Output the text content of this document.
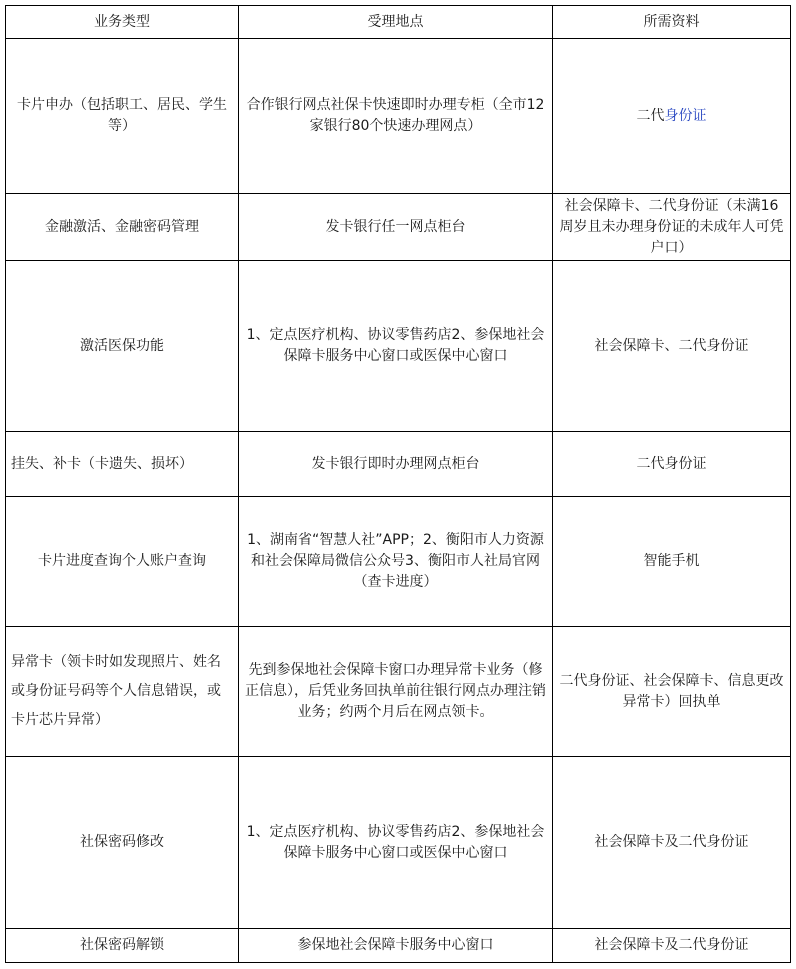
业务类型	受理地点	所需资料
卡片申办（包括职工、居民、学生等）	合作银行网点社保卡快速即时办理专柜（全市12家银行80个快速办理网点）	二代身份证
金融激活、金融密码管理	发卡银行任一网点柜台	社会保障卡、二代身份证（未满16周岁且未办理身份证的未成年人可凭户口）
激活医保功能	1、定点医疗机构、协议零售药店2、参保地社会保障卡服务中心窗口或医保中心窗口	社会保障卡、二代身份证
挂失、补卡（卡遗失、损坏）	发卡银行即时办理网点柜台	二代身份证
卡片进度查询个人账户查询	1、湖南省“智慧人社”APP；2、衡阳市人力资源和社会保障局微信公众号3、衡阳市人社局官网（查卡进度）	智能手机
异常卡（领卡时如发现照片、姓名或身份证号码等个人信息错误，或卡片芯片异常）	先到参保地社会保障卡窗口办理异常卡业务（修正信息），后凭业务回执单前往银行网点办理注销业务；约两个月后在网点领卡。	二代身份证、社会保障卡、信息更改异常卡）回执单
社保密码修改	1、定点医疗机构、协议零售药店2、参保地社会保障卡服务中心窗口或医保中心窗口	社会保障卡及二代身份证
社保密码解锁	参保地社会保障卡服务中心窗口	社会保障卡及二代身份证
